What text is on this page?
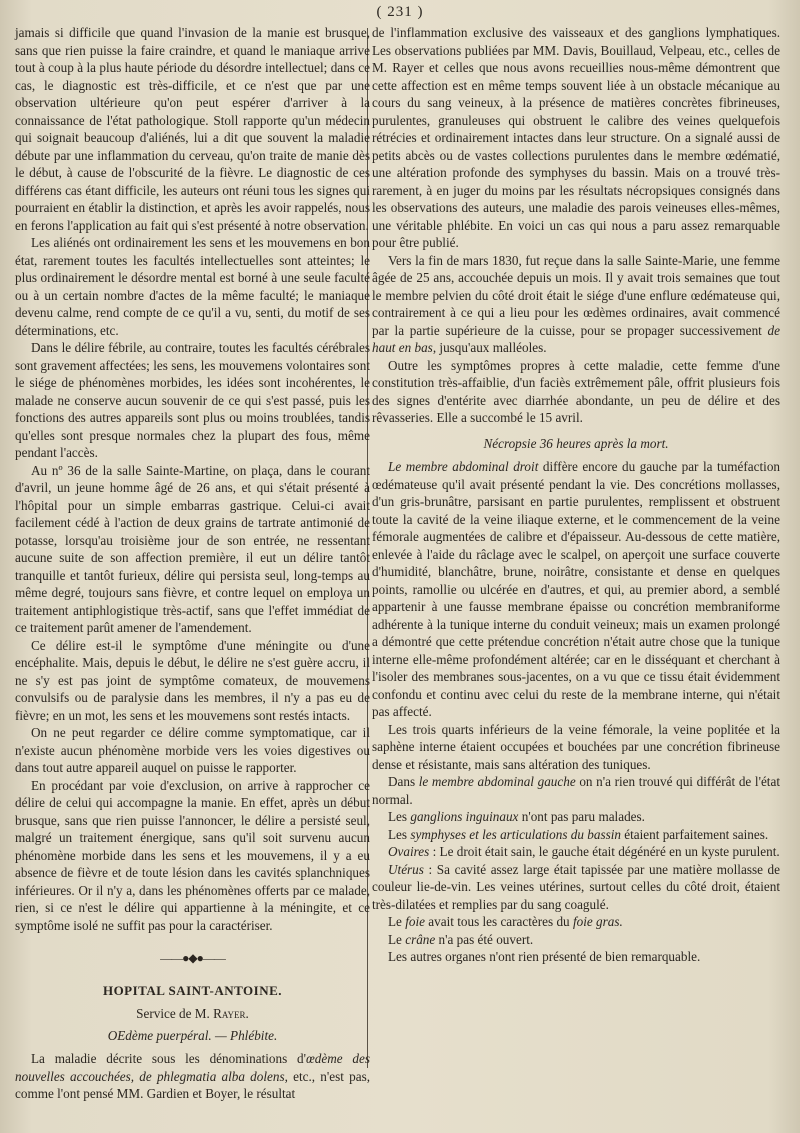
( 231 )

jamais si difficile que quand l'invasion de la manie est brusque, sans que rien puisse la faire craindre, et quand le maniaque arrive tout à coup à la plus haute période du désordre intellectuel; dans ce cas, le diagnostic est très-difficile, et ce n'est que par une observation ultérieure qu'on peut espérer d'arriver à la connaissance de l'état pathologique. Stoll rapporte qu'un médecin qui soignait beaucoup d'aliénés, lui a dit que souvent la maladie débute par une inflammation du cerveau, qu'on traite de manie dès le début, à cause de l'obscurité de la fièvre. Le diagnostic de ces différens cas étant difficile, les auteurs ont réuni tous les signes qui pourraient en établir la distinction, et après les avoir rappelés, nous en ferons l'application au fait qui s'est présenté à notre observation.

Les aliénés ont ordinairement les sens et les mouvemens en bon état, rarement toutes les facultés intellectuelles sont atteintes; le plus ordinairement le désordre mental est borné à une seule faculté ou à un certain nombre d'actes de la même faculté; le maniaque devenu calme, rend compte de ce qu'il a vu, senti, du motif de ses déterminations, etc.

Dans le délire fébrile, au contraire, toutes les facultés cérébrales sont gravement affectées; les sens, les mouvemens volontaires sont le siége de phénomènes morbides, les idées sont incohérentes, le malade ne conserve aucun souvenir de ce qui s'est passé, puis les fonctions des autres appareils sont plus ou moins troublées, tandis qu'elles sont presque normales chez la plupart des fous, même pendant l'accès.

Au nº 36 de la salle Sainte-Martine, on plaça, dans le courant d'avril, un jeune homme âgé de 26 ans, et qui s'était présenté à l'hôpital pour un simple embarras gastrique. Celui-ci avait facilement cédé à l'action de deux grains de tartrate antimonié de potasse, lorsqu'au troisième jour de son entrée, ne ressentant aucune suite de son affection première, il eut un délire tantôt tranquille et tantôt furieux, délire qui persista seul, long-temps au même degré, toujours sans fièvre, et contre lequel on employa un traitement antiphlogistique très-actif, sans que l'effet immédiat de ce traitement parût amener de l'amendement.

Ce délire est-il le symptôme d'une méningite ou d'une encéphalite. Mais, depuis le début, le délire ne s'est guère accru, il ne s'y est pas joint de symptôme comateux, de mouvemens convulsifs ou de paralysie dans les membres, il n'y a pas eu de fièvre; en un mot, les sens et les mouvemens sont restés intacts.

On ne peut regarder ce délire comme symptomatique, car il n'existe aucun phénomène morbide vers les voies digestives ou dans tout autre appareil auquel on puisse le rapporter.

En procédant par voie d'exclusion, on arrive à rapprocher ce délire de celui qui accompagne la manie. En effet, après un début brusque, sans que rien puisse l'annoncer, le délire a persisté seul, malgré un traitement énergique, sans qu'il soit survenu aucun phénomène morbide dans les sens et les mouvemens, il y a eu absence de fièvre et de toute lésion dans les cavités splanchniques inférieures. Or il n'y a, dans les phénomènes offerts par ce malade, rien, si ce n'est le délire qui appartienne à la méningite, et ce symptôme isolé ne suffit pas pour la caractériser.

——●◆●——
HOPITAL SAINT-ANTOINE.
Service de M. Rayer.
OEdème puerpéral. — Phlébite.

La maladie décrite sous les dénominations d'œdème des nouvelles accouchées, de phlegmatia alba dolens, etc., n'est pas, comme l'ont pensé MM. Gardien et Boyer, le résultat

de l'inflammation exclusive des vaisseaux et des ganglions lymphatiques. Les observations publiées par MM. Davis, Bouillaud, Velpeau, etc., celles de M. Rayer et celles que nous avons recueillies nous-même démontrent que cette affection est en même temps souvent liée à un obstacle mécanique au cours du sang veineux, à la présence de matières concrètes fibrineuses, purulentes, granuleuses qui obstruent le calibre des veines quelquefois rétrécies et ordinairement intactes dans leur structure. On a signalé aussi de petits abcès ou de vastes collections purulentes dans le membre œdématié, une altération profonde des symphyses du bassin. Mais on a trouvé très-rarement, à en juger du moins par les résultats nécropsiques consignés dans les observations des auteurs, une maladie des parois veineuses elles-mêmes, une véritable phlébite. En voici un cas qui nous a paru assez remarquable pour être publié.

Vers la fin de mars 1830, fut reçue dans la salle Sainte-Marie, une femme âgée de 25 ans, accouchée depuis un mois. Il y avait trois semaines que tout le membre pelvien du côté droit était le siége d'une enflure œdémateuse qui, contrairement à ce qui a lieu pour les œdèmes ordinaires, avait commencé par la partie supérieure de la cuisse, pour se propager successivement de haut en bas, jusqu'aux malléoles.

Outre les symptômes propres à cette maladie, cette femme d'une constitution très-affaiblie, d'un faciès extrêmement pâle, offrit plusieurs fois des signes d'entérite avec diarrhée abondante, un peu de délire et des rêvasseries. Elle a succombé le 15 avril.

Nécropsie 36 heures après la mort.

Le membre abdominal droit diffère encore du gauche par la tuméfaction œdémateuse qu'il avait présenté pendant la vie. Des concrétions mollasses, d'un gris-brunâtre, parsisant en partie purulentes, remplissent et obstruent toute la cavité de la veine iliaque externe, et le commencement de la veine fémorale augmentées de calibre et d'épaisseur. Au-dessous de cette matière, enlevée à l'aide du râclage avec le scalpel, on aperçoit une surface couverte d'humidité, blanchâtre, brune, noirâtre, consistante et dense en quelques points, ramollie ou ulcérée en d'autres, et qui, au premier abord, a semblé appartenir à une fausse membrane épaisse ou concrétion membraniforme adhérente à la tunique interne du conduit veineux; mais un examen prolongé a démontré que cette prétendue concrétion n'était autre chose que la tunique interne elle-même profondément altérée; car en le disséquant et cherchant à l'isoler des membranes sous-jacentes, on a vu que ce tissu était évidemment confondu et continu avec celui du reste de la membrane interne, qui n'était pas affecté.

Les trois quarts inférieurs de la veine fémorale, la veine poplitée et la saphène interne étaient occupées et bouchées par une concrétion fibrineuse dense et résistante, mais sans altération des tuniques.

Dans le membre abdominal gauche on n'a rien trouvé qui différât de l'état normal.

Les ganglions inguinaux n'ont pas paru malades.

Les symphyses et les articulations du bassin étaient parfaitement saines.

Ovaires : Le droit était sain, le gauche était dégénéré en un kyste purulent.

Utérus : Sa cavité assez large était tapissée par une matière mollasse de couleur lie-de-vin. Les veines utérines, surtout celles du côté droit, étaient très-dilatées et remplies par du sang coagulé.

Le foie avait tous les caractères du foie gras.

Le crâne n'a pas été ouvert.

Les autres organes n'ont rien présenté de bien remarquable.
